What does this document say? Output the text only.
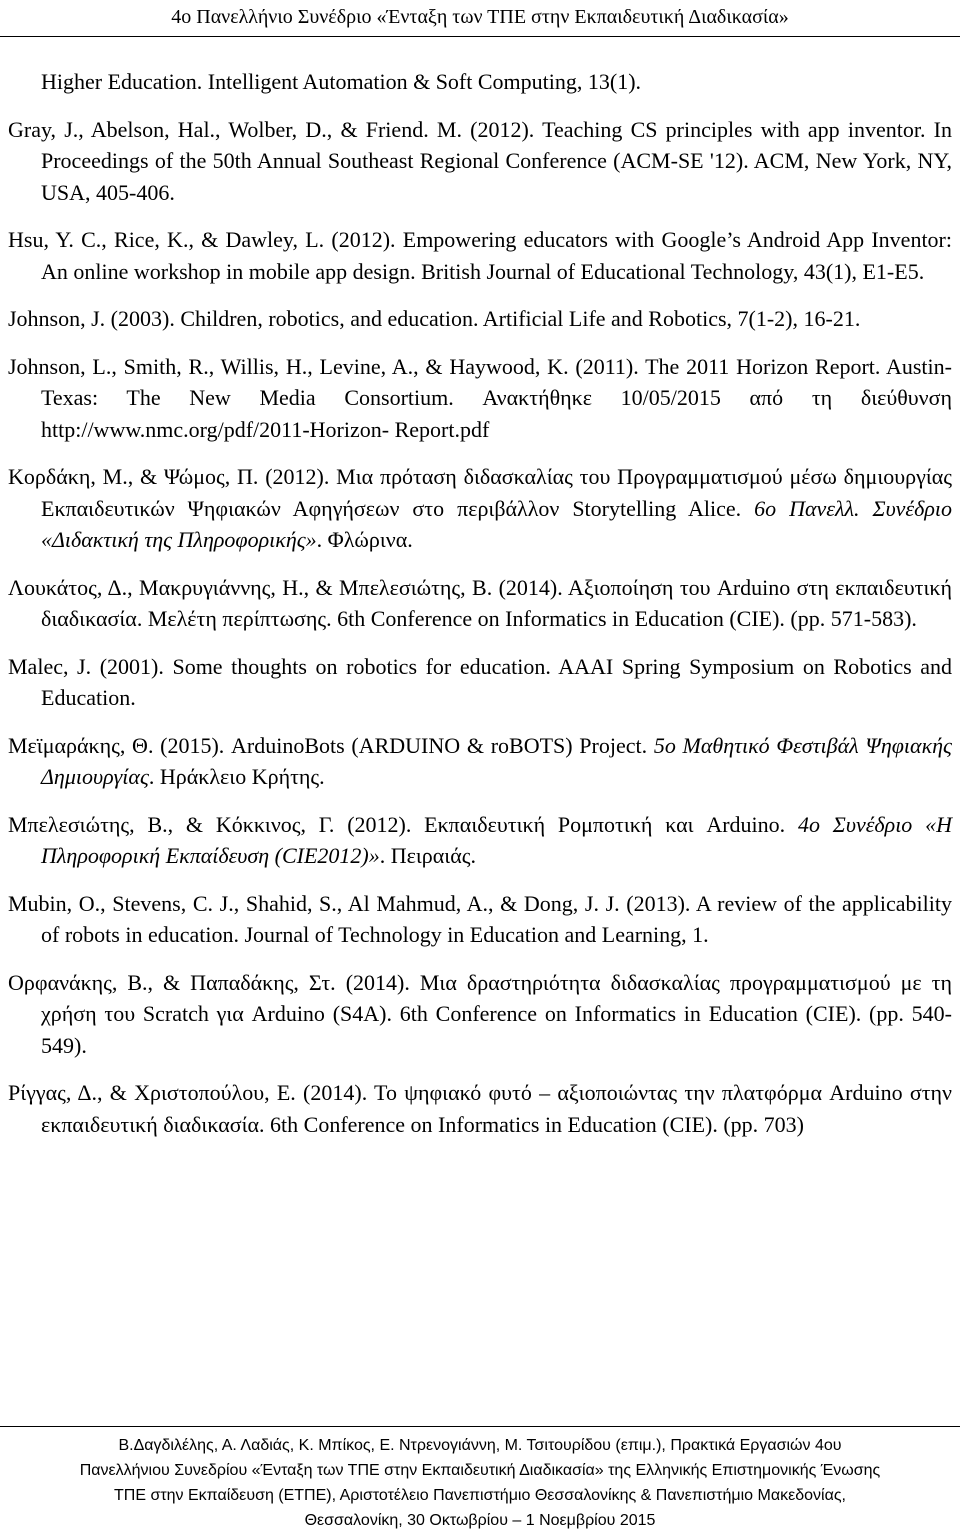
4ο Πανελλήνιο Συνέδριο «Ένταξη των ΤΠΕ στην Εκπαιδευτική Διαδικασία»
Higher Education. Intelligent Automation & Soft Computing, 13(1).
Gray, J., Abelson, Hal., Wolber, D., & Friend. M. (2012). Teaching CS principles with app inventor. In Proceedings of the 50th Annual Southeast Regional Conference (ACM-SE '12). ACM, New York, NY, USA, 405-406.
Hsu, Y. C., Rice, K., & Dawley, L. (2012). Empowering educators with Google’s Android App Inventor: An online workshop in mobile app design. British Journal of Educational Technology, 43(1), E1-E5.
Johnson, J. (2003). Children, robotics, and education. Artificial Life and Robotics, 7(1-2), 16-21.
Johnson, L., Smith, R., Willis, H., Levine, A., & Haywood, K. (2011). The 2011 Horizon Report. Austin-Texas: The New Media Consortium. Ανακτήθηκε 10/05/2015 από τη διεύθυνση http://www.nmc.org/pdf/2011-Horizon- Report.pdf
Κορδάκη, Μ., & Ψώμος, Π. (2012). Μια πρόταση διδασκαλίας του Προγραμματισμού μέσω δημιουργίας Εκπαιδευτικών Ψηφιακών Αφηγήσεων στο περιβάλλον Storytelling Alice. 6ο Πανελλ. Συνέδριο «Διδακτική της Πληροφορικής». Φλώρινα.
Λουκάτος, Δ., Μακρυγιάννης, Η., & Μπελεσιώτης, Β. (2014). Αξιοποίηση του Arduino στη εκπαιδευτική διαδικασία. Μελέτη περίπτωσης. 6th Conference on Informatics in Education (CIE). (pp. 571-583).
Malec, J. (2001). Some thoughts on robotics for education. AAAI Spring Symposium on Robotics and Education.
Μεϊμαράκης, Θ. (2015). ArduinoBots (ARDUINO & roBOTS) Project. 5ο Μαθητικό Φεστιβάλ Ψηφιακής Δημιουργίας. Ηράκλειο Κρήτης.
Μπελεσιώτης, Β., & Κόκκινος, Γ. (2012). Εκπαιδευτική Ρομποτική και Arduino. 4ο Συνέδριο «Η Πληροφορική Εκπαίδευση (CIE2012)». Πειραιάς.
Mubin, O., Stevens, C. J., Shahid, S., Al Mahmud, A., & Dong, J. J. (2013). A review of the applicability of robots in education. Journal of Technology in Education and Learning, 1.
Ορφανάκης, Β., & Παπαδάκης, Στ. (2014). Μια δραστηριότητα διδασκαλίας προγραμματισμού με τη χρήση του Scratch για Arduino (S4A). 6th Conference on Informatics in Education (CIE). (pp. 540-549).
Ρίγγας, Δ., & Χριστοπούλου, Ε. (2014). Το ψηφιακό φυτό – αξιοποιώντας την πλατφόρμα Arduino στην εκπαιδευτική διαδικασία. 6th Conference on Informatics in Education (CIE). (pp. 703)
Β.Δαγδιλέλης, Α. Λαδιάς, Κ. Μπίκος, Ε. Ντρενογιάννη, Μ. Τσιτουρίδου (επιμ.), Πρακτικά Εργασιών 4ου
Πανελλήνιου Συνεδρίου «Ένταξη των ΤΠΕ στην Εκπαιδευτική Διαδικασία» της Ελληνικής Επιστημονικής Ένωσης
ΤΠΕ στην Εκπαίδευση (ΕΤΠΕ), Αριστοτέλειο Πανεπιστήμιο Θεσσαλονίκης & Πανεπιστήμιο Μακεδονίας,
Θεσσαλονίκη, 30 Οκτωβρίου – 1 Νοεμβρίου 2015
